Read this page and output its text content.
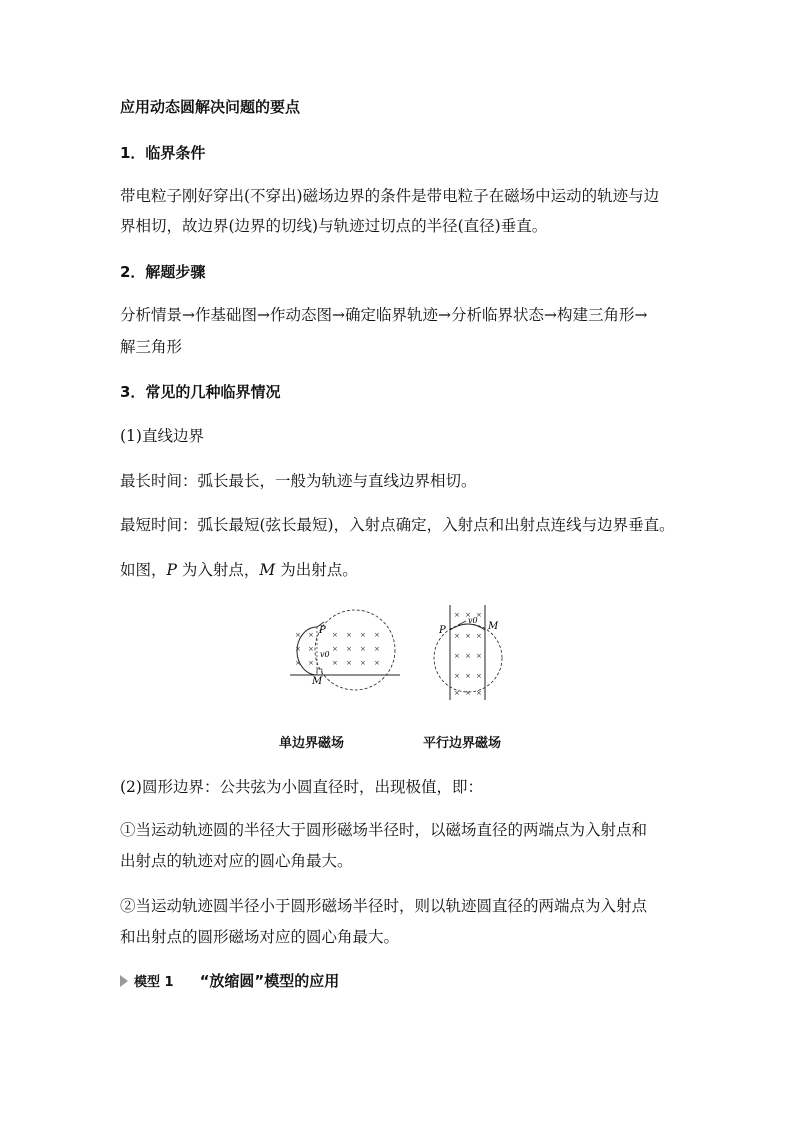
应用动态圆解决问题的要点
1．临界条件
带电粒子刚好穿出(不穿出)磁场边界的条件是带电粒子在磁场中运动的轨迹与边
界相切，故边界(边界的切线)与轨迹过切点的半径(直径)垂直。
2．解题步骤
分析情景→作基础图→作动态图→确定临界轨迹→分析临界状态→构建三角形→
解三角形
3．常见的几种临界情况
(1)直线边界
最长时间：弧长最长，一般为轨迹与直线边界相切。
最短时间：弧长最短(弦长最短)，入射点确定，入射点和出射点连线与边界垂直。
如图，P 为入射点，M 为出射点。
×
×
×
×
×
×
×
×
×
×
×
×
×
×
×
×
×
×
P
M
v0
× × ×
× × ×
× × ×
× × ×
× × ×
P	M
v0
单边界磁场	平行边界磁场
(2)圆形边界：公共弦为小圆直径时，出现极值，即：
①当运动轨迹圆的半径大于圆形磁场半径时，以磁场直径的两端点为入射点和
出射点的轨迹对应的圆心角最大。
②当运动轨迹圆半径小于圆形磁场半径时，则以轨迹圆直径的两端点为入射点
和出射点的圆形磁场对应的圆心角最大。
模型 1 “放缩圆”模型的应用
